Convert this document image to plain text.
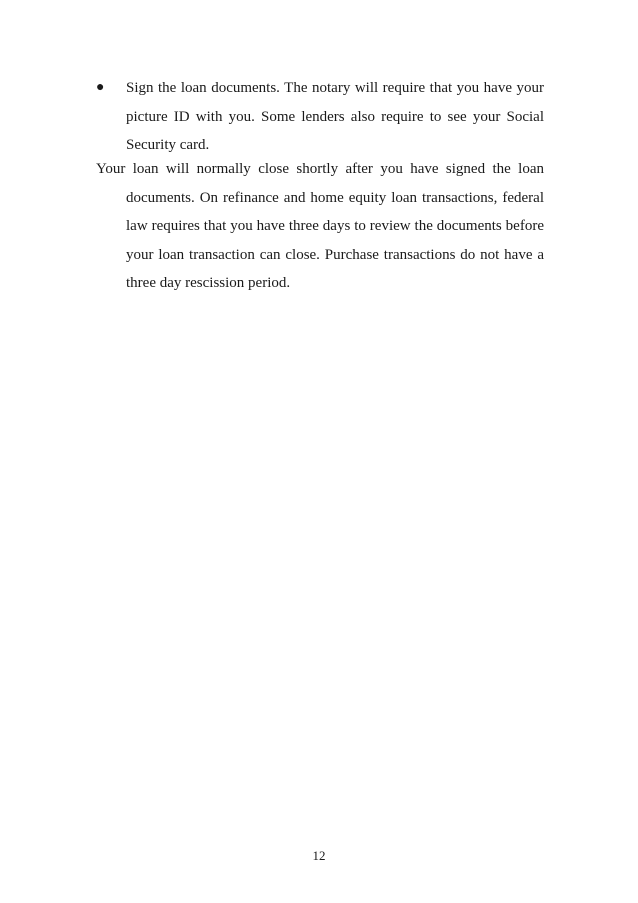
●	Sign the loan documents. The notary will require that you have your picture ID with you. Some lenders also require to see your Social Security card.
Your loan will normally close shortly after you have signed the loan documents. On refinance and home equity loan transactions, federal law requires that you have three days to review the documents before your loan transaction can close. Purchase transactions do not have a three day rescission period.
12
